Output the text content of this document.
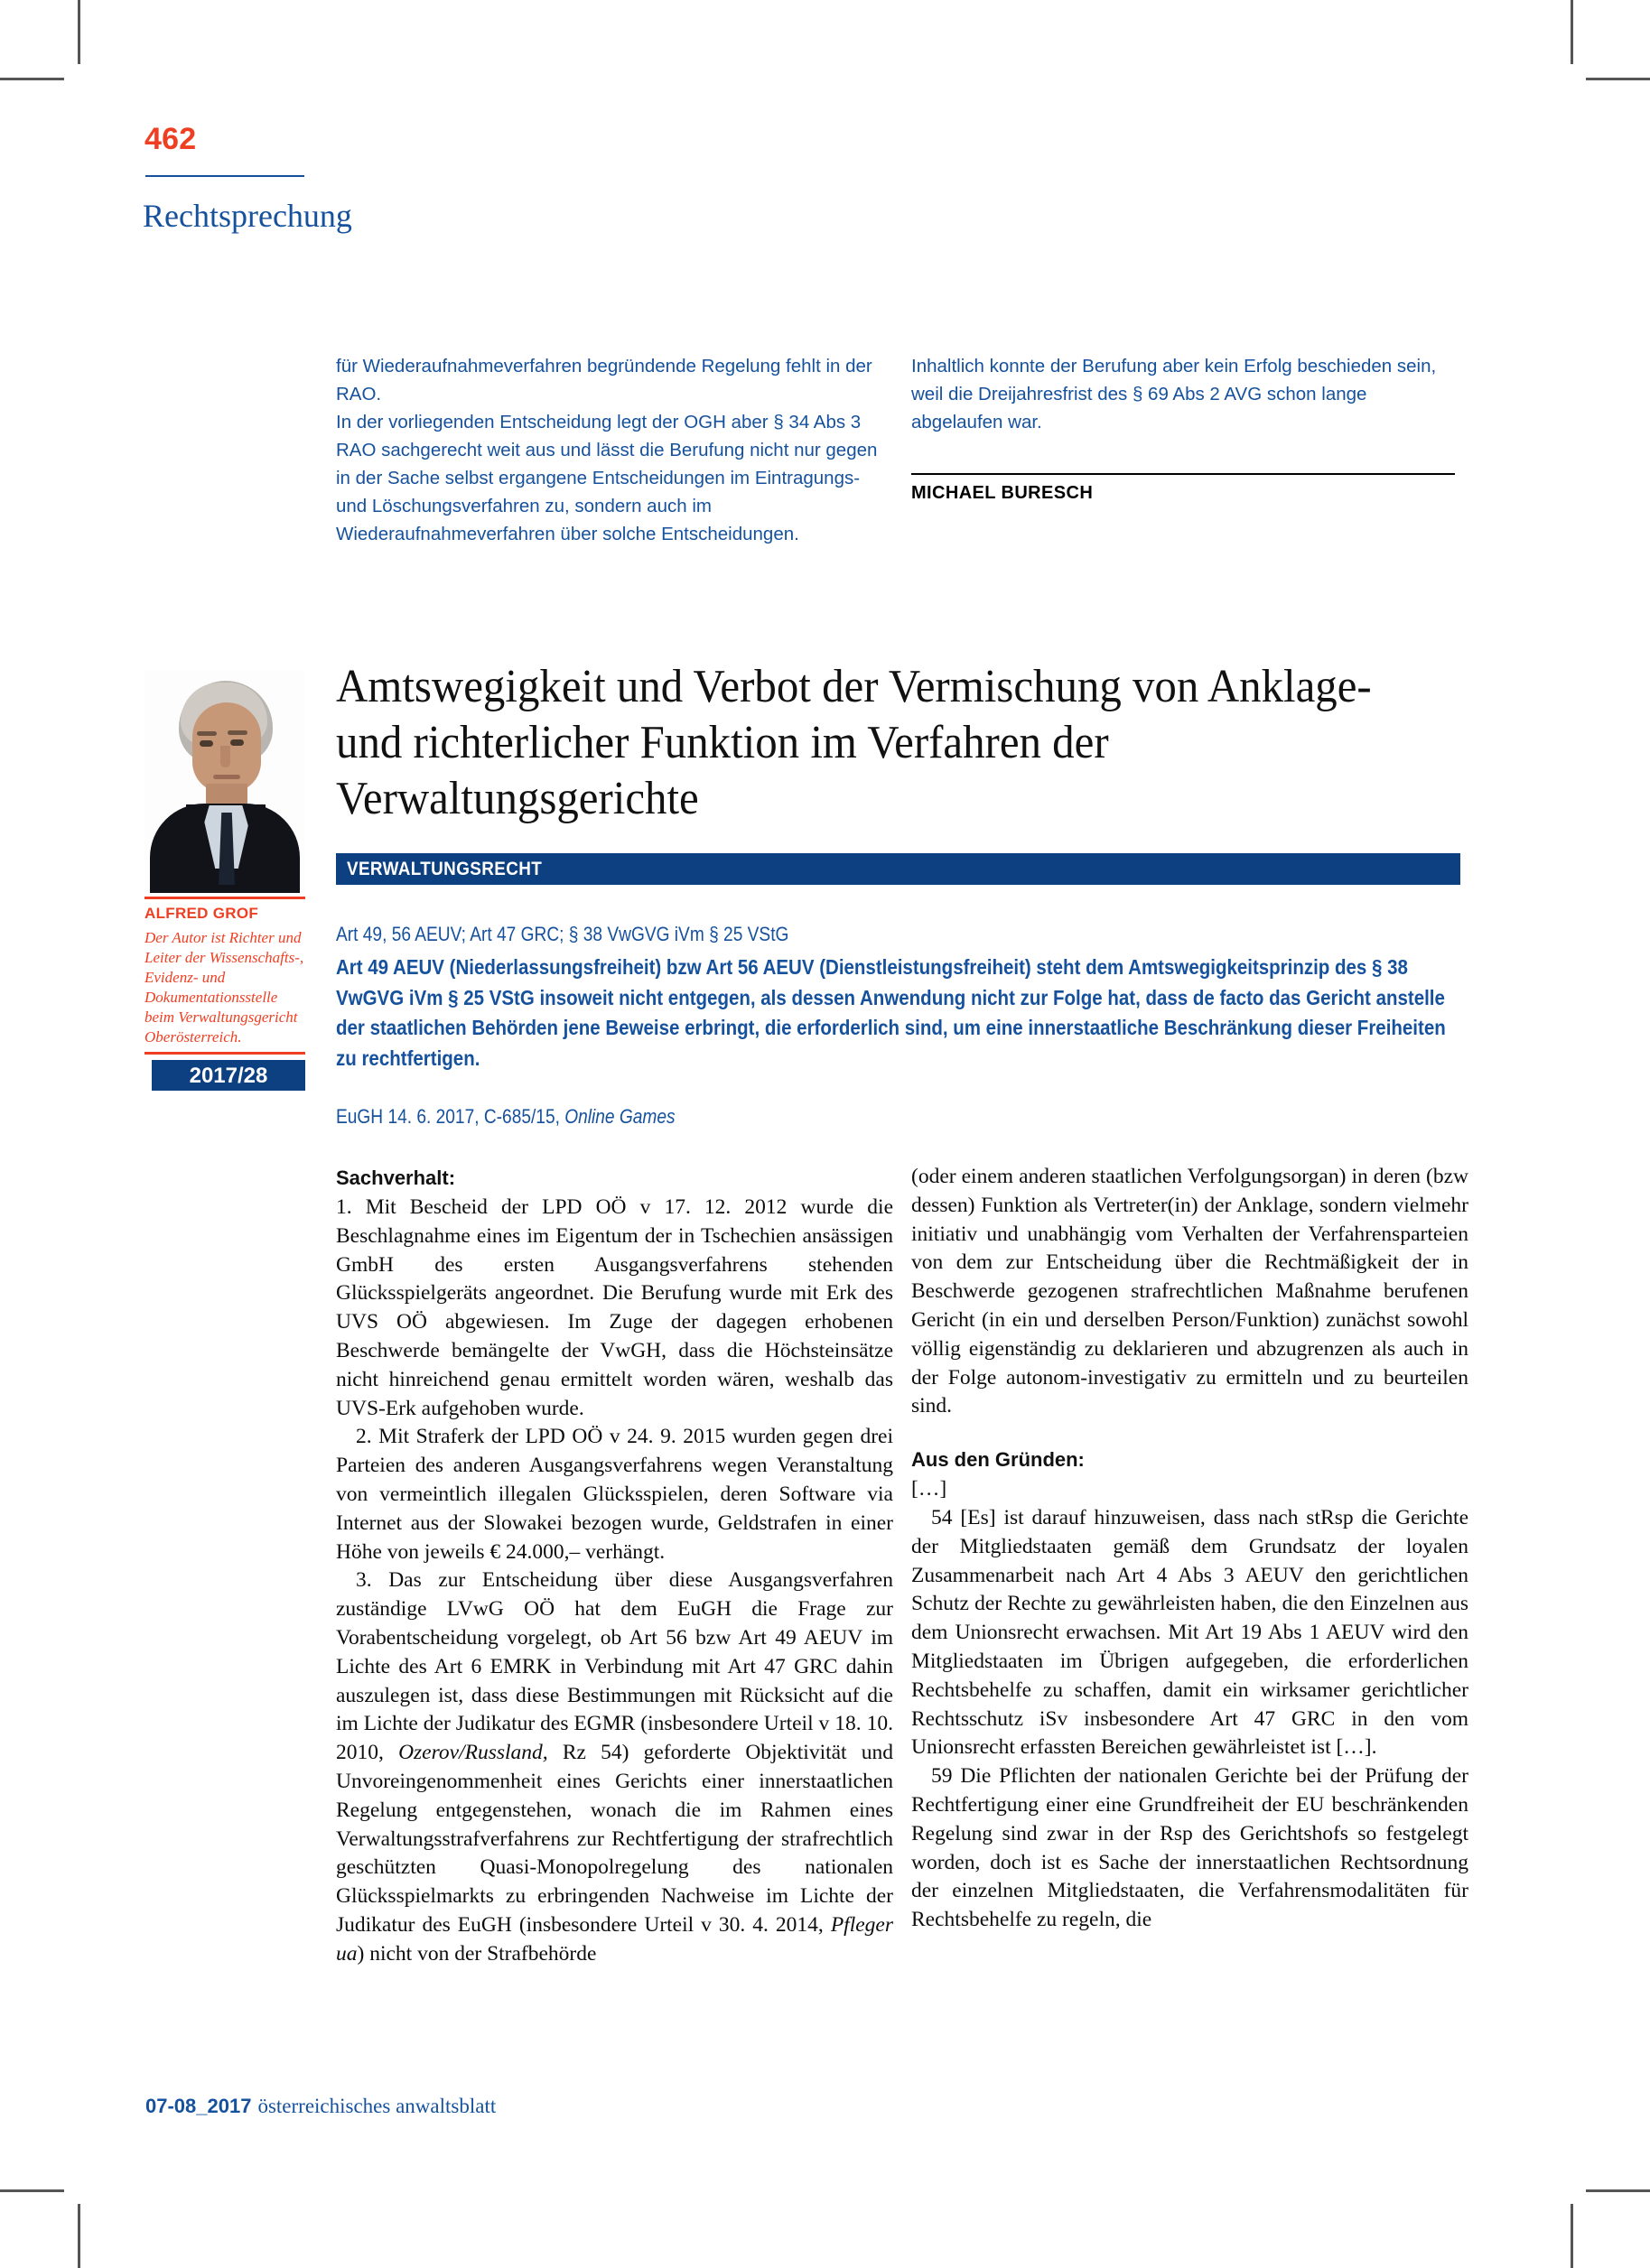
462
Rechtsprechung

für Wiederaufnahmeverfahren begründende Regelung fehlt in der RAO.

In der vorliegenden Entscheidung legt der OGH aber § 34 Abs 3 RAO sachgerecht weit aus und lässt die Berufung nicht nur gegen in der Sache selbst ergangene Entscheidungen im Eintragungs- und Löschungsverfahren zu, sondern auch im Wiederaufnahmeverfahren über solche Entscheidungen.

Inhaltlich konnte der Berufung aber kein Erfolg beschieden sein, weil die Dreijahresfrist des § 69 Abs 2 AVG schon lange abgelaufen war.

MICHAEL BURESCH
Amtswegigkeit und Verbot der Vermischung von Anklage- und richterlicher Funktion im Verfahren der Verwaltungsgerichte
VERWALTUNGSRECHT
Art 49, 56 AEUV; Art 47 GRC; § 38 VwGVG iVm § 25 VStG
Art 49 AEUV (Niederlassungsfreiheit) bzw Art 56 AEUV (Dienstleistungsfreiheit) steht dem Amtswegigkeitsprinzip des § 38 VwGVG iVm § 25 VStG insoweit nicht entgegen, als dessen Anwendung nicht zur Folge hat, dass de facto das Gericht anstelle der staatlichen Behörden jene Beweise erbringt, die erforderlich sind, um eine innerstaatliche Beschränkung dieser Freiheiten zu rechtfertigen.
EuGH 14. 6. 2017, C-685/15, Online Games
ALFRED GROF
Der Autor ist Richter und Leiter der Wissenschafts-, Evidenz- und Dokumentationsstelle beim Verwaltungsgericht Oberösterreich.
2017/28
Sachverhalt:

1. Mit Bescheid der LPD OÖ v 17. 12. 2012 wurde die Beschlagnahme eines im Eigentum der in Tschechien ansässigen GmbH des ersten Ausgangsverfahrens stehenden Glücksspielgeräts angeordnet. Die Berufung wurde mit Erk des UVS OÖ abgewiesen. Im Zuge der dagegen erhobenen Beschwerde bemängelte der VwGH, dass die Höchsteinsätze nicht hinreichend genau ermittelt worden wären, weshalb das UVS-Erk aufgehoben wurde.

2. Mit Straferk der LPD OÖ v 24. 9. 2015 wurden gegen drei Parteien des anderen Ausgangsverfahrens wegen Veranstaltung von vermeintlich illegalen Glücksspielen, deren Software via Internet aus der Slowakei bezogen wurde, Geldstrafen in einer Höhe von jeweils € 24.000,– verhängt.

3. Das zur Entscheidung über diese Ausgangsverfahren zuständige LVwG OÖ hat dem EuGH die Frage zur Vorabentscheidung vorgelegt, ob Art 56 bzw Art 49 AEUV im Lichte des Art 6 EMRK in Verbindung mit Art 47 GRC dahin auszulegen ist, dass diese Bestimmungen mit Rücksicht auf die im Lichte der Judikatur des EGMR (insbesondere Urteil v 18. 10. 2010, Ozerov/Russland, Rz 54) geforderte Objektivität und Unvoreingenommenheit eines Gerichts einer innerstaatlichen Regelung entgegenstehen, wonach die im Rahmen eines Verwaltungsstrafverfahrens zur Rechtfertigung der strafrechtlich geschützten Quasi-Monopolregelung des nationalen Glücksspielmarkts zu erbringenden Nachweise im Lichte der Judikatur des EuGH (insbesondere Urteil v 30. 4. 2014, Pfleger ua) nicht von der Strafbehörde

(oder einem anderen staatlichen Verfolgungsorgan) in deren (bzw dessen) Funktion als Vertreter(in) der Anklage, sondern vielmehr initiativ und unabhängig vom Verhalten der Verfahrensparteien von dem zur Entscheidung über die Rechtmäßigkeit der in Beschwerde gezogenen strafrechtlichen Maßnahme berufenen Gericht (in ein und derselben Person/Funktion) zunächst sowohl völlig eigenständig zu deklarieren und abzugrenzen als auch in der Folge autonom-investigativ zu ermitteln und zu beurteilen sind.

Aus den Gründen:

[…]

54 [Es] ist darauf hinzuweisen, dass nach stRsp die Gerichte der Mitgliedstaaten gemäß dem Grundsatz der loyalen Zusammenarbeit nach Art 4 Abs 3 AEUV den gerichtlichen Schutz der Rechte zu gewährleisten haben, die den Einzelnen aus dem Unionsrecht erwachsen. Mit Art 19 Abs 1 AEUV wird den Mitgliedstaaten im Übrigen aufgegeben, die erforderlichen Rechtsbehelfe zu schaffen, damit ein wirksamer gerichtlicher Rechtsschutz iSv insbesondere Art 47 GRC in den vom Unionsrecht erfassten Bereichen gewährleistet ist […].

59 Die Pflichten der nationalen Gerichte bei der Prüfung der Rechtfertigung einer eine Grundfreiheit der EU beschränkenden Regelung sind zwar in der Rsp des Gerichtshofs so festgelegt worden, doch ist es Sache der innerstaatlichen Rechtsordnung der einzelnen Mitgliedstaaten, die Verfahrensmodalitäten für Rechtsbehelfe zu regeln, die

07-08_2017 österreichisches anwaltsblatt
